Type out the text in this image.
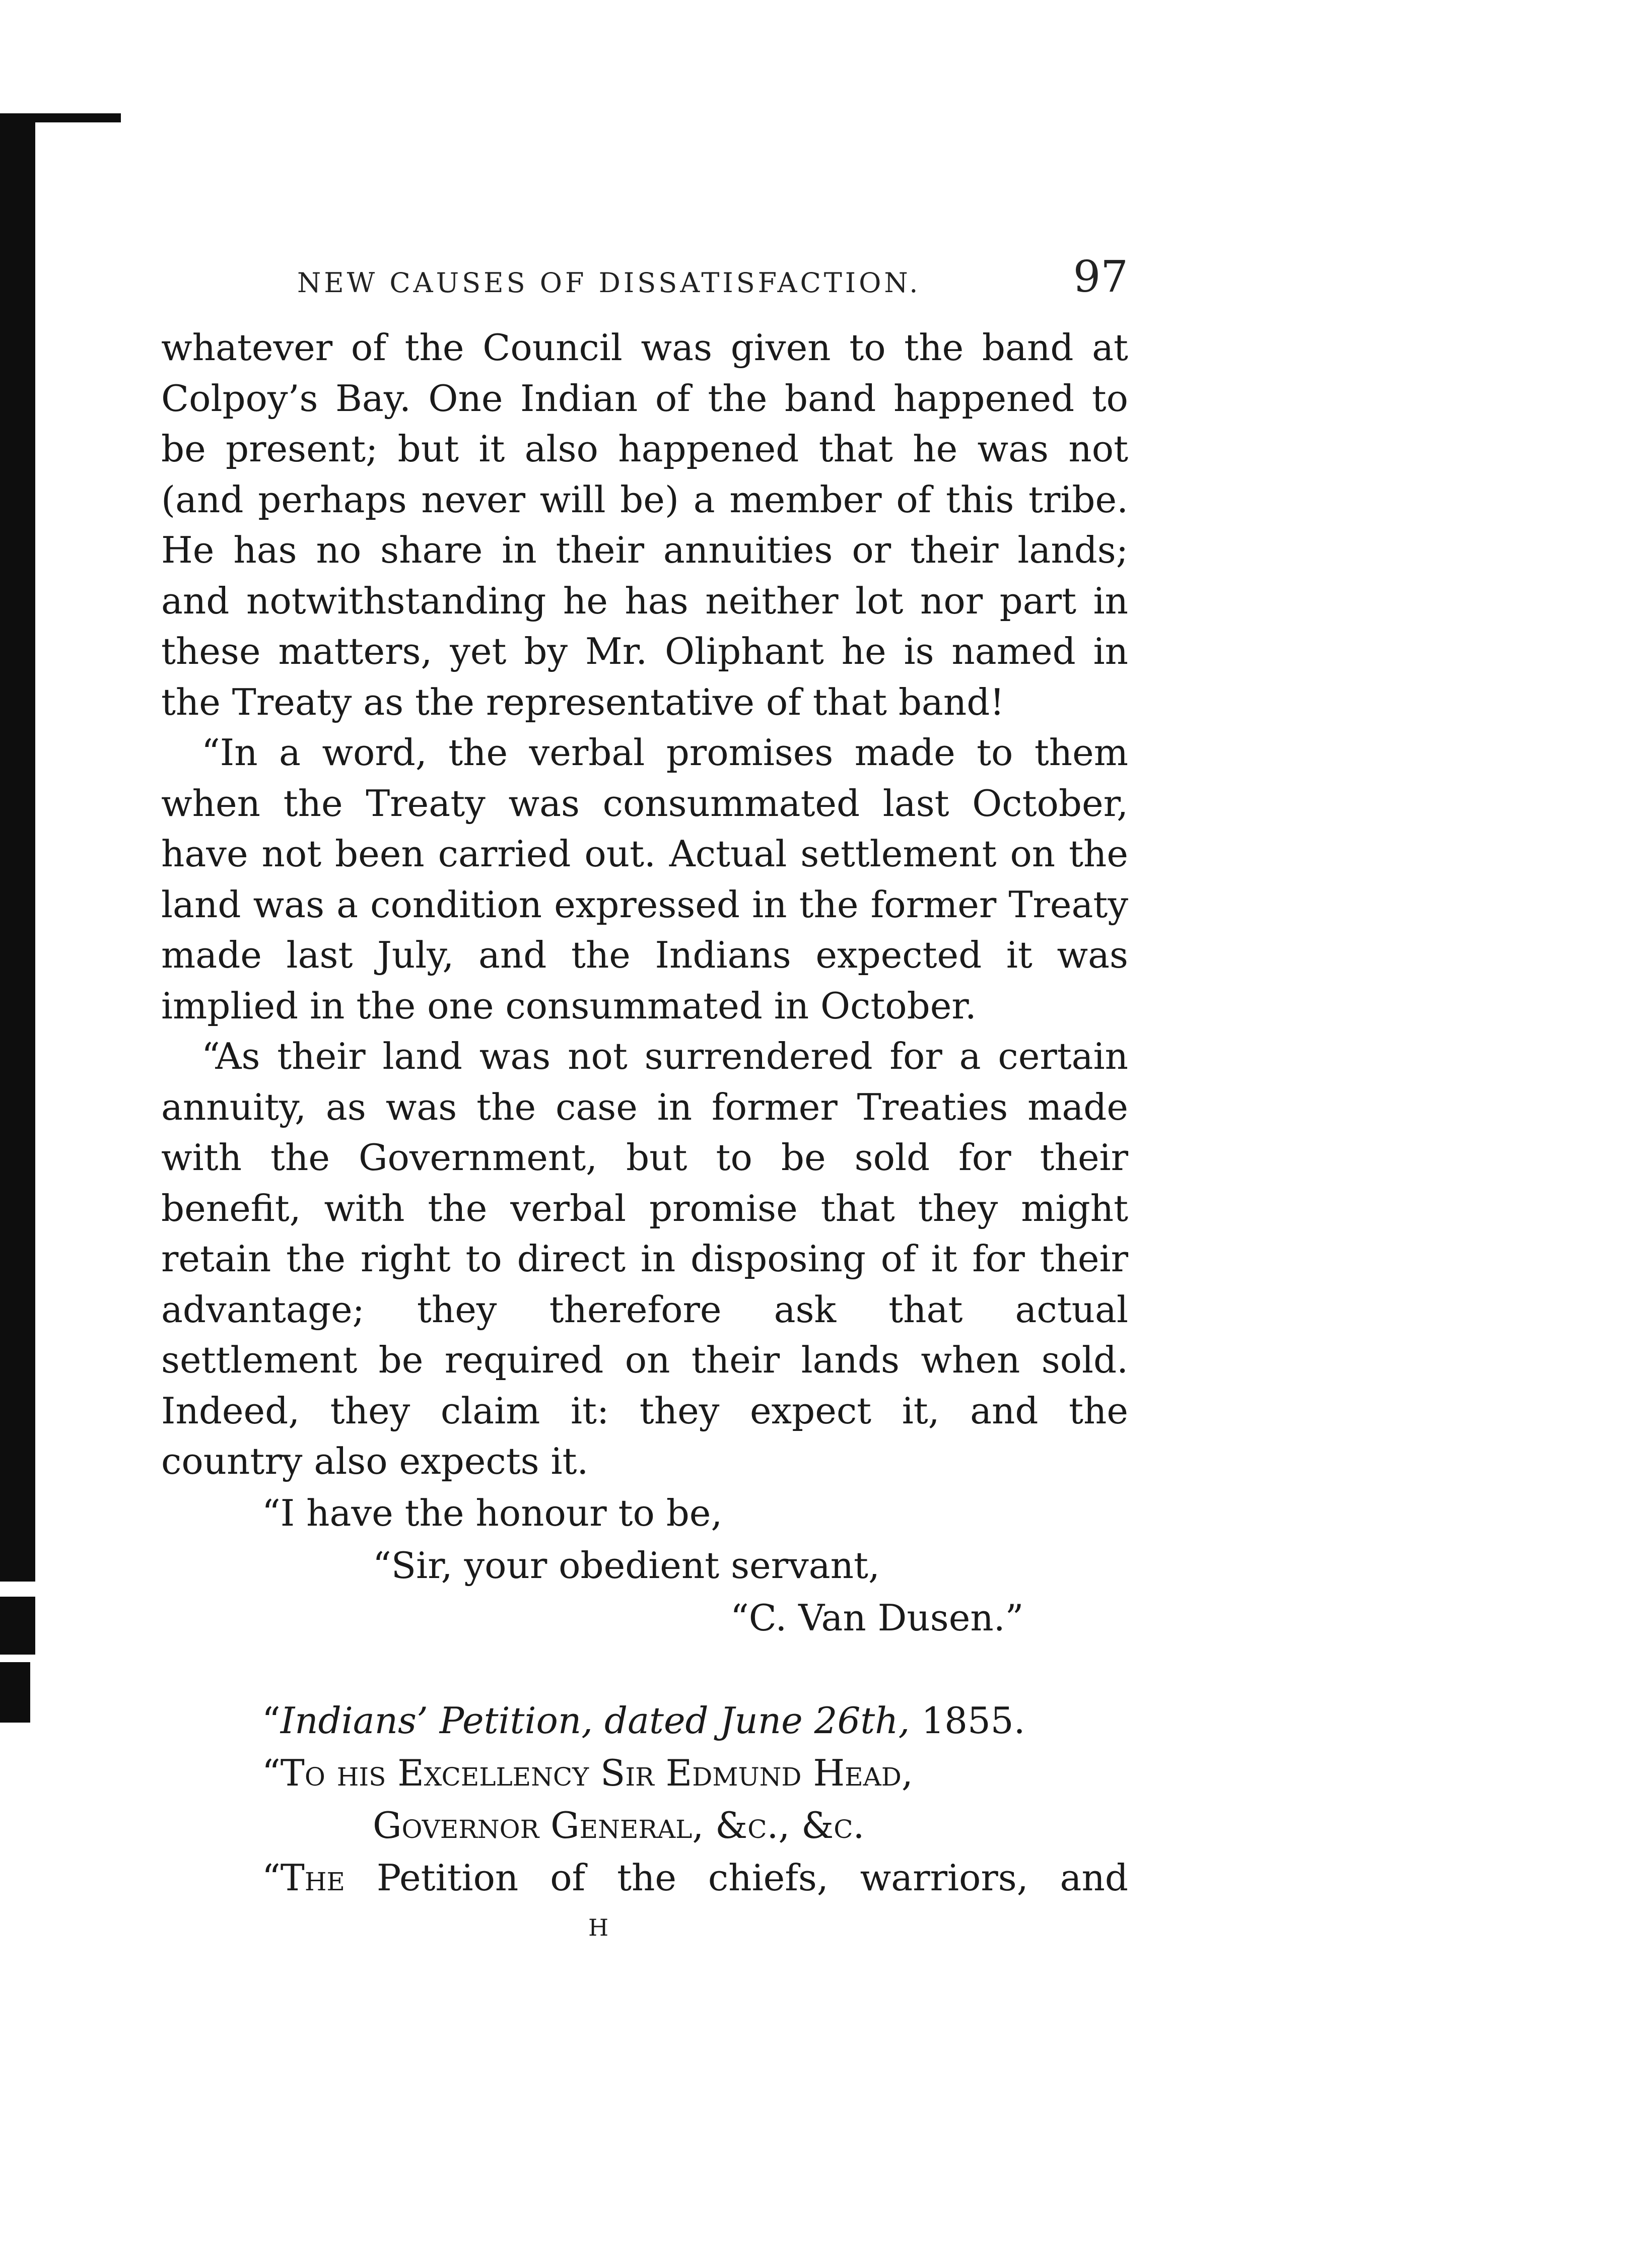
NEW CAUSES OF DISSATISFACTION.	97

whatever of the Council was given to the band at Colpoy’s Bay. One Indian of the band happened to be present; but it also happened that he was not (and perhaps never will be) a member of this tribe. He has no share in their annuities or their lands; and notwithstanding he has neither lot nor part in these matters, yet by Mr. Oliphant he is named in the Treaty as the representative of that band!

“In a word, the verbal promises made to them when the Treaty was consummated last October, have not been carried out. Actual settlement on the land was a condition expressed in the former Treaty made last July, and the Indians expected it was implied in the one consummated in October.

“As their land was not surrendered for a certain annuity, as was the case in former Treaties made with the Government, but to be sold for their benefit, with the verbal promise that they might retain the right to direct in disposing of it for their advantage; they therefore ask that actual settlement be required on their lands when sold. Indeed, they claim it: they expect it, and the country also expects it.

“I have the honour to be,
“Sir, your obedient servant,
“C. Van Dusen.”
“Indians’ Petition, dated June 26th, 1855.
“To his Excellency Sir Edmund Head,
Governor General, &c., &c.
“The Petition of the chiefs, warriors, and
H
